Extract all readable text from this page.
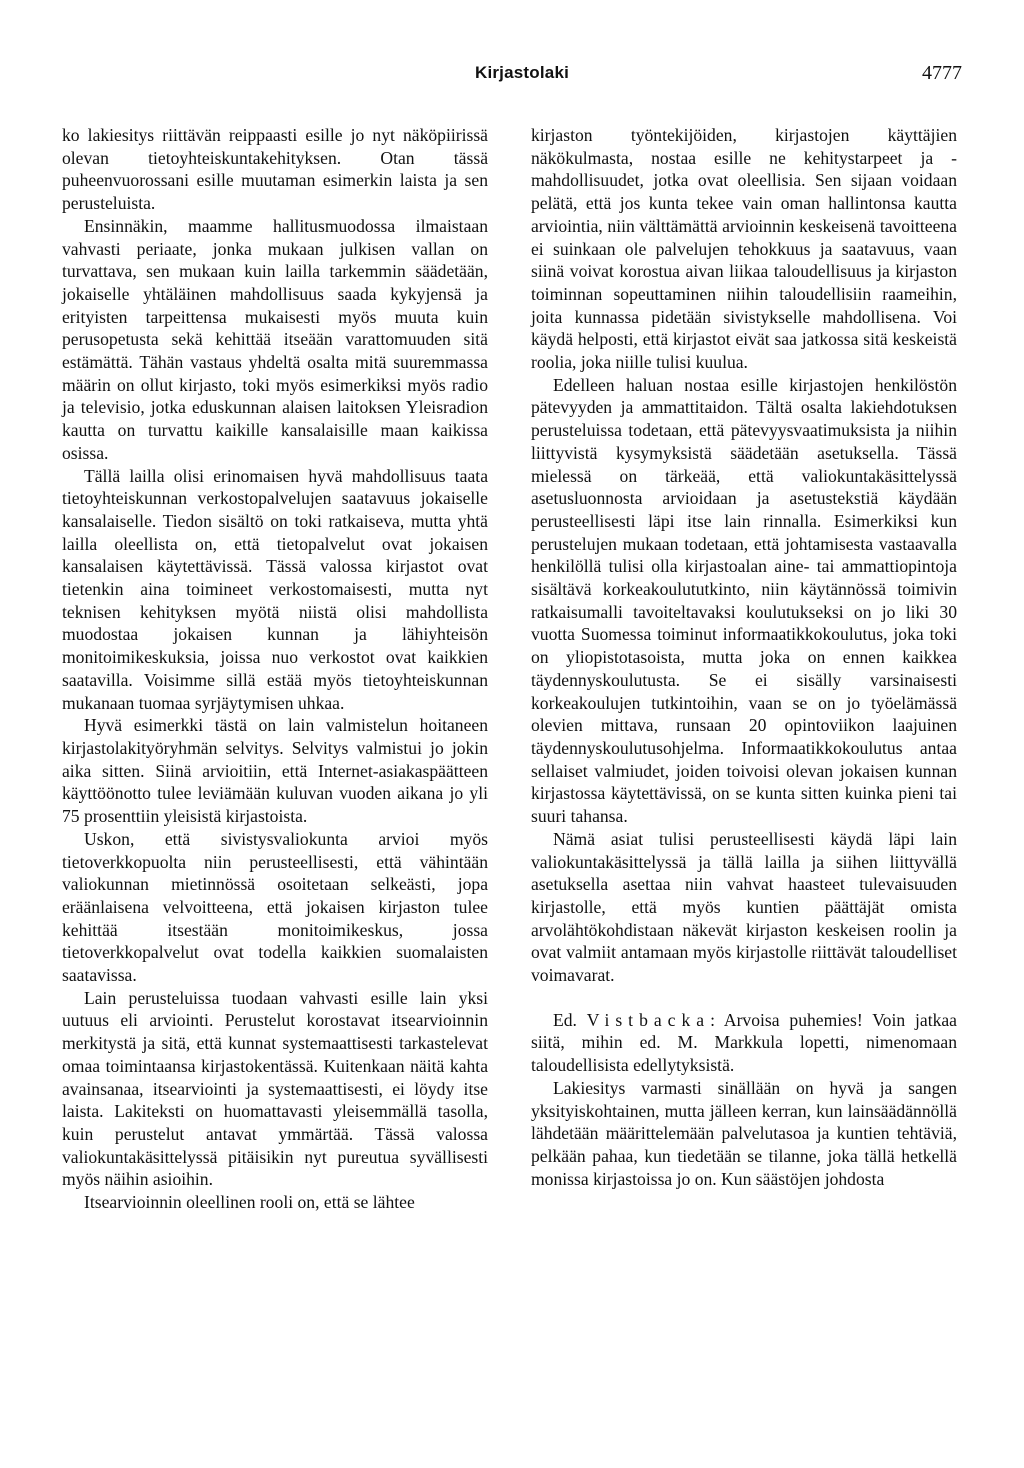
Kirjastolaki	4777

ko lakiesitys riittävän reippaasti esille jo nyt näköpiirissä olevan tietoyhteiskuntakehityksen. Otan tässä puheenvuorossani esille muutaman esimerkin laista ja sen perusteluista.

Ensinnäkin, maamme hallitusmuodossa ilmaistaan vahvasti periaate, jonka mukaan julkisen vallan on turvattava, sen mukaan kuin lailla tarkemmin säädetään, jokaiselle yhtäläinen mahdollisuus saada kykyjensä ja erityisten tarpeittensa mukaisesti myös muuta kuin perusopetusta sekä kehittää itseään varattomuuden sitä estämättä. Tähän vastaus yhdeltä osalta mitä suuremmassa määrin on ollut kirjasto, toki myös esimerkiksi myös radio ja televisio, jotka eduskunnan alaisen laitoksen Yleisradion kautta on turvattu kaikille kansalaisille maan kaikissa osissa.

Tällä lailla olisi erinomaisen hyvä mahdollisuus taata tietoyhteiskunnan verkostopalvelujen saatavuus jokaiselle kansalaiselle. Tiedon sisältö on toki ratkaiseva, mutta yhtä lailla oleellista on, että tietopalvelut ovat jokaisen kansalaisen käytettävissä. Tässä valossa kirjastot ovat tietenkin aina toimineet verkostomaisesti, mutta nyt teknisen kehityksen myötä niistä olisi mahdollista muodostaa jokaisen kunnan ja lähiyhteisön monitoimikeskuksia, joissa nuo verkostot ovat kaikkien saatavilla. Voisimme sillä estää myös tietoyhteiskunnan mukanaan tuomaa syrjäytymisen uhkaa.

Hyvä esimerkki tästä on lain valmistelun hoitaneen kirjastolakityöryhmän selvitys. Selvitys valmistui jo jokin aika sitten. Siinä arvioitiin, että Internet-asiakaspäätteen käyttöönotto tulee leviämään kuluvan vuoden aikana jo yli 75 prosenttiin yleisistä kirjastoista.

Uskon, että sivistysvaliokunta arvioi myös tietoverkkopuolta niin perusteellisesti, että vähintään valiokunnan mietinnössä osoitetaan selkeästi, jopa eräänlaisena velvoitteena, että jokaisen kirjaston tulee kehittää itsestään monitoimikeskus, jossa tietoverkkopalvelut ovat todella kaikkien suomalaisten saatavissa.

Lain perusteluissa tuodaan vahvasti esille lain yksi uutuus eli arviointi. Perustelut korostavat itsearvioinnin merkitystä ja sitä, että kunnat systemaattisesti tarkastelevat omaa toimintaansa kirjastokentässä. Kuitenkaan näitä kahta avainsanaa, itsearviointi ja systemaattisesti, ei löydy itse laista. Lakiteksti on huomattavasti yleisemmällä tasolla, kuin perustelut antavat ymmärtää. Tässä valossa valiokuntakäsittelyssä pitäisikin nyt pureutua syvällisesti myös näihin asioihin.

Itsearvioinnin oleellinen rooli on, että se lähtee

kirjaston työntekijöiden, kirjastojen käyttäjien näkökulmasta, nostaa esille ne kehitystarpeet ja -mahdollisuudet, jotka ovat oleellisia. Sen sijaan voidaan pelätä, että jos kunta tekee vain oman hallintonsa kautta arviointia, niin välttämättä arvioinnin keskeisenä tavoitteena ei suinkaan ole palvelujen tehokkuus ja saatavuus, vaan siinä voivat korostua aivan liikaa taloudellisuus ja kirjaston toiminnan sopeuttaminen niihin taloudellisiin raameihin, joita kunnassa pidetään sivistykselle mahdollisena. Voi käydä helposti, että kirjastot eivät saa jatkossa sitä keskeistä roolia, joka niille tulisi kuulua.

Edelleen haluan nostaa esille kirjastojen henkilöstön pätevyyden ja ammattitaidon. Tältä osalta lakiehdotuksen perusteluissa todetaan, että pätevyysvaatimuksista ja niihin liittyvistä kysymyksistä säädetään asetuksella. Tässä mielessä on tärkeää, että valiokuntakäsittelyssä asetusluonnosta arvioidaan ja asetustekstiä käydään perusteellisesti läpi itse lain rinnalla. Esimerkiksi kun perustelujen mukaan todetaan, että johtamisesta vastaavalla henkilöllä tulisi olla kirjastoalan aine- tai ammattiopintoja sisältävä korkeakoulututkinto, niin käytännössä toimivin ratkaisumalli tavoiteltavaksi koulutukseksi on jo liki 30 vuotta Suomessa toiminut informaatikkokoulutus, joka toki on yliopistotasoista, mutta joka on ennen kaikkea täydennyskoulutusta. Se ei sisälly varsinaisesti korkeakoulujen tutkintoihin, vaan se on jo työelämässä olevien mittava, runsaan 20 opintoviikon laajuinen täydennyskoulutusohjelma. Informaatikkokoulutus antaa sellaiset valmiudet, joiden toivoisi olevan jokaisen kunnan kirjastossa käytettävissä, on se kunta sitten kuinka pieni tai suuri tahansa.

Nämä asiat tulisi perusteellisesti käydä läpi lain valiokuntakäsittelyssä ja tällä lailla ja siihen liittyvällä asetuksella asettaa niin vahvat haasteet tulevaisuuden kirjastolle, että myös kuntien päättäjät omista arvolähtökohdistaan näkevät kirjaston keskeisen roolin ja ovat valmiit antamaan myös kirjastolle riittävät taloudelliset voimavarat.

Ed. Vistbacka: Arvoisa puhemies! Voin jatkaa siitä, mihin ed. M. Markkula lopetti, nimenomaan taloudellisista edellytyksistä.

Lakiesitys varmasti sinällään on hyvä ja sangen yksityiskohtainen, mutta jälleen kerran, kun lainsäädännöllä lähdetään määrittelemään palvelutasoa ja kuntien tehtäviä, pelkään pahaa, kun tiedetään se tilanne, joka tällä hetkellä monissa kirjastoissa jo on. Kun säästöjen johdosta
